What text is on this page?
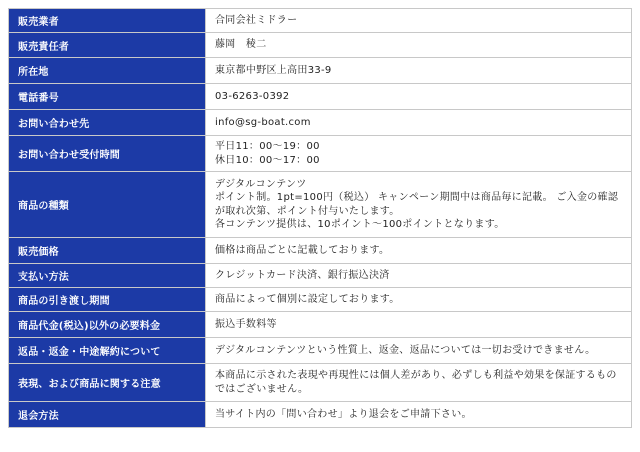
販売業者	合同会社ミドラー

販売責任者	藤岡　稜二

所在地	東京都中野区上高田33-9

電話番号	03-6263-0392

お問い合わせ先	info@sg-boat.com

お問い合わせ受付時間	平日11：00〜19：00
休日10：00〜17：00

商品の種類	デジタルコンテンツ
ポイント制。1pt=100円（税込） キャンペーン期間中は商品毎に記載。 ご入金の確認が取れ次第、ポイント付与いたします。
各コンテンツ提供は、10ポイント〜100ポイントとなります。

販売価格	価格は商品ごとに記載しております。

支払い方法	クレジットカード決済、銀行振込決済

商品の引き渡し期間	商品によって個別に設定しております。

商品代金(税込)以外の必要料金	振込手数料等

返品・返金・中途解約について	デジタルコンテンツという性質上、返金、返品については一切お受けできません。

表現、および商品に関する注意	本商品に示された表現や再現性には個人差があり、必ずしも利益や効果を保証するものではございません。

退会方法	当サイト内の「問い合わせ」より退会をご申請下さい。
